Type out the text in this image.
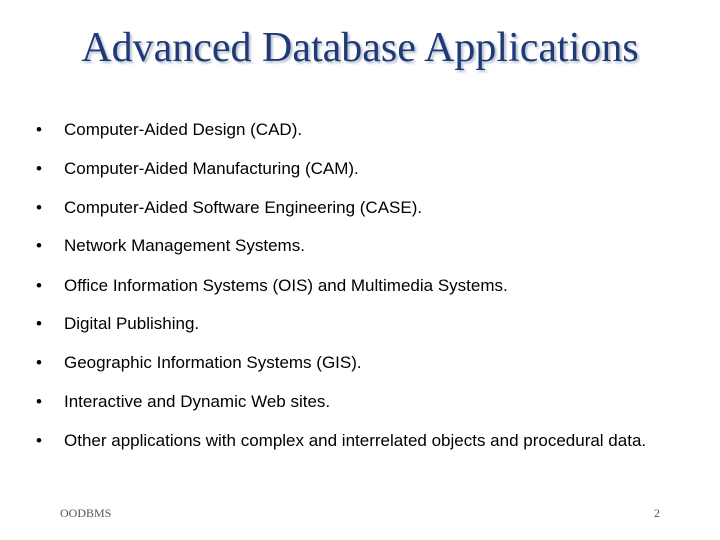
Advanced Database Applications
• Computer-Aided Design (CAD).
• Computer-Aided Manufacturing (CAM).
• Computer-Aided Software Engineering (CASE).
• Network Management Systems.
• Office Information Systems (OIS) and Multimedia Systems.
• Digital Publishing.
• Geographic Information Systems (GIS).
• Interactive and Dynamic Web sites.
• Other applications with complex and interrelated objects and procedural data.
OODBMS	2
